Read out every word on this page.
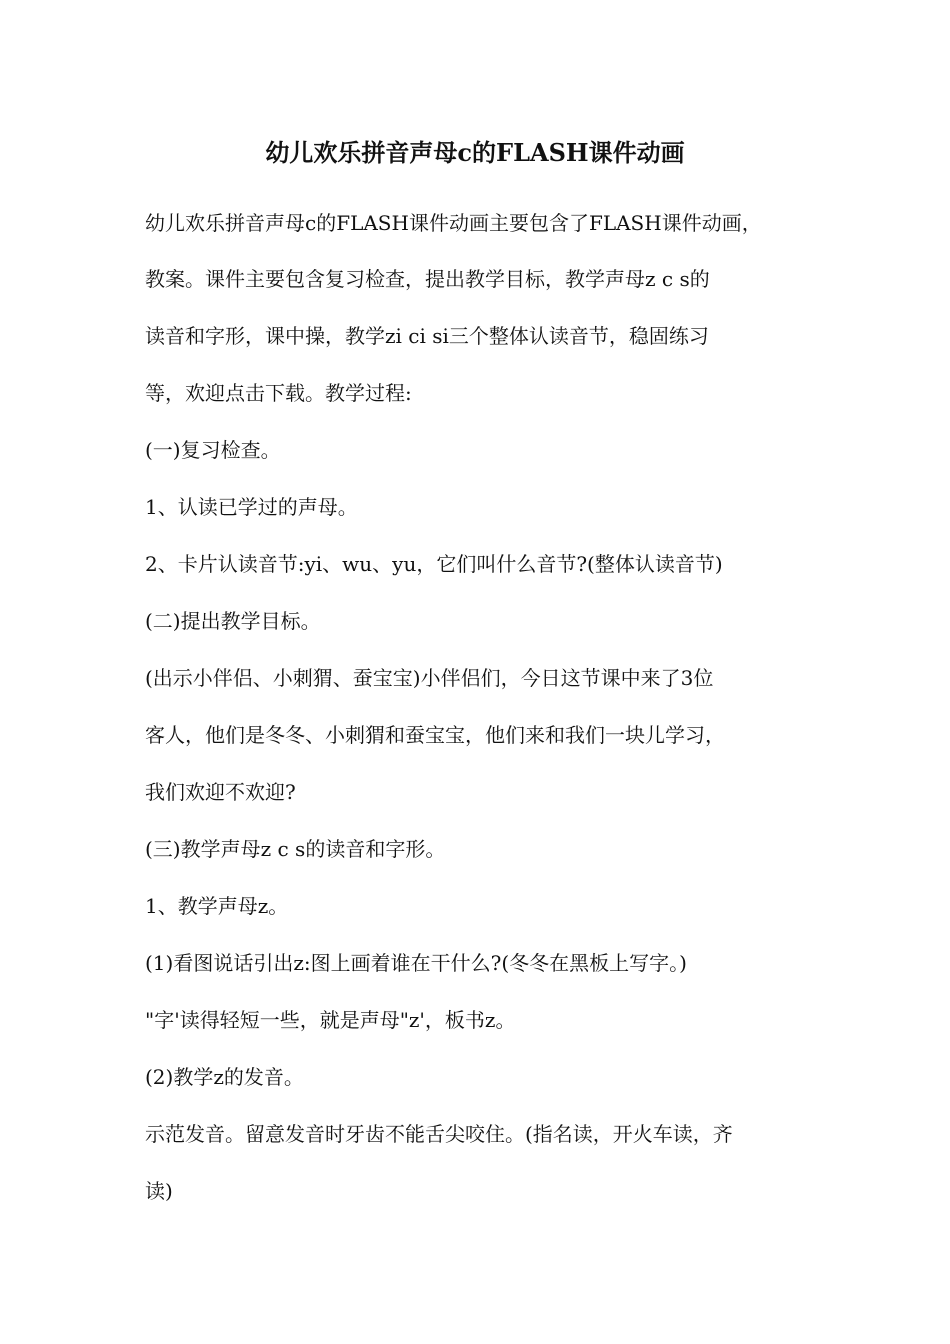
幼儿欢乐拼音声母c的FLASH课件动画
幼儿欢乐拼音声母c的FLASH课件动画主要包含了FLASH课件动画，
教案。课件主要包含复习检查，提出教学目标，教学声母z c s的
读音和字形，课中操，教学zi ci si三个整体认读音节，稳固练习
等，欢迎点击下载。教学过程:
(一)复习检查。
1、认读已学过的声母。
2、卡片认读音节:yi、wu、yu，它们叫什么音节?(整体认读音节)
(二)提出教学目标。
(出示小伴侣、小刺猬、蚕宝宝)小伴侣们，今日这节课中来了3位
客人，他们是冬冬、小刺猬和蚕宝宝，他们来和我们一块儿学习，
我们欢迎不欢迎?
(三)教学声母z c s的读音和字形。
1、教学声母z。
(1)看图说话引出z:图上画着谁在干什么?(冬冬在黑板上写字。)
"字'读得轻短一些，就是声母"z'，板书z。
(2)教学z的发音。
示范发音。留意发音时牙齿不能舌尖咬住。(指名读，开火车读，齐
读)
